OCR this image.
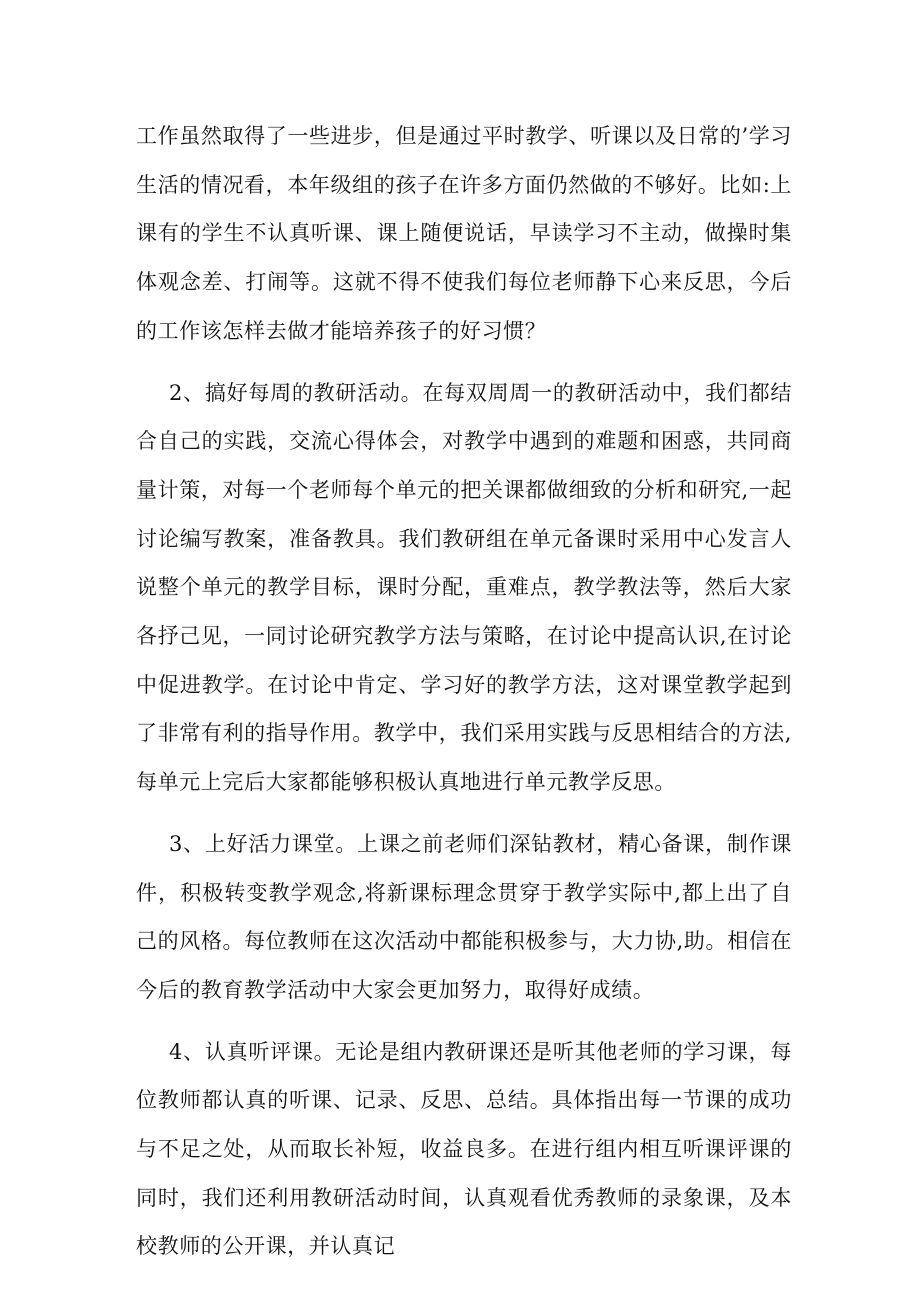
工作虽然取得了一些进步，但是通过平时教学、听课以及日常的’学习生活的情况看，本年级组的孩子在许多方面仍然做的不够好。比如:上课有的学生不认真听课、课上随便说话，早读学习不主动，做操时集体观念差、打闹等。这就不得不使我们每位老师静下心来反思，今后的工作该怎样去做才能培养孩子的好习惯？

2、搞好每周的教研活动。在每双周周一的教研活动中，我们都结合自己的实践，交流心得体会，对教学中遇到的难题和困惑，共同商量计策，对每一个老师每个单元的把关课都做细致的分析和研究,一起讨论编写教案，准备教具。我们教研组在单元备课时采用中心发言人说整个单元的教学目标，课时分配，重难点，教学教法等，然后大家各抒己见，一同讨论研究教学方法与策略，在讨论中提高认识,在讨论中促进教学。在讨论中肯定、学习好的教学方法，这对课堂教学起到了非常有利的指导作用。教学中，我们采用实践与反思相结合的方法,每单元上完后大家都能够积极认真地进行单元教学反思。

3、上好活力课堂。上课之前老师们深钻教材，精心备课，制作课件，积极转变教学观念,将新课标理念贯穿于教学实际中,都上出了自己的风格。每位教师在这次活动中都能积极参与，大力协,助。相信在今后的教育教学活动中大家会更加努力，取得好成绩。

4、认真听评课。无论是组内教研课还是听其他老师的学习课，每位教师都认真的听课、记录、反思、总结。具体指出每一节课的成功与不足之处，从而取长补短，收益良多。在进行组内相互听课评课的同时，我们还利用教研活动时间，认真观看优秀教师的录象课，及本校教师的公开课，并认真记
